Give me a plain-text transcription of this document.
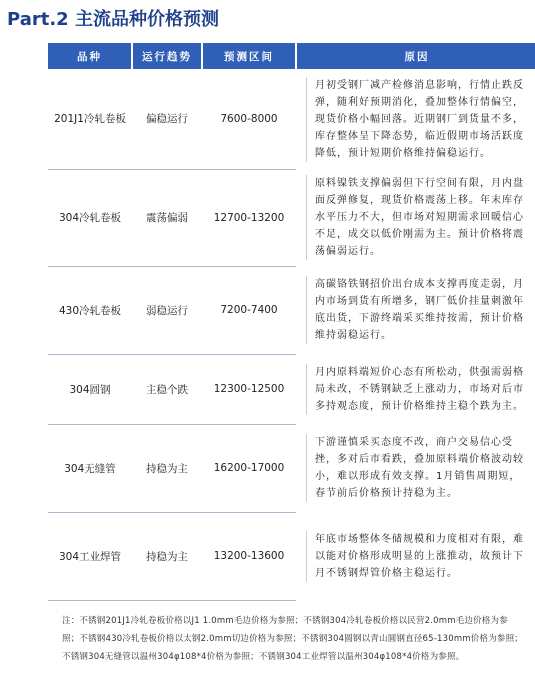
Part.2 主流品种价格预测
品种	运行趋势	预测区间	原因
201J1冷轧卷板	偏稳运行	7600-8000	月初受钢厂减产检修消息影响，行情止跌反弹，随利好预期消化，叠加整体行情偏空，现货价格小幅回落。近期钢厂到货量不多，库存整体呈下降态势，临近假期市场活跃度降低，预计短期价格维持偏稳运行。

304冷轧卷板	震荡偏弱	12700-13200	原料镍铁支撑偏弱但下行空间有限，月内盘面反弹修复，现货价格震荡上移。年末库存水平压力不大，但市场对短期需求回暖信心不足，成交以低价刚需为主。预计价格将震荡偏弱运行。

430冷轧卷板	弱稳运行	7200-7400	高碳铬铁钢招价出台成本支撑再度走弱，月内市场到货有所增多，钢厂低价挂量刺激年底出货，下游终端采买维持按需，预计价格维持弱稳运行。

304圆钢	主稳个跌	12300-12500	月内原料端短价心态有所松动，供强需弱格局未改，不锈钢缺乏上涨动力，市场对后市多持观态度，预计价格维持主稳个跌为主。

304无缝管	持稳为主	16200-17000	下游谨慎采买态度不改，商户交易信心受挫，多对后市看跌，叠加原料端价格波动较小，难以形成有效支撑。1月销售周期短，春节前后价格预计持稳为主。

304工业焊管	持稳为主	13200-13600	年底市场整体冬储规模和力度相对有限，难以能对价格形成明显的上涨推动，故预计下月不锈钢焊管价格主稳运行。
注：不锈钢201J1冷轧卷板价格以J1 1.0mm毛边价格为参照；不锈钢304冷轧卷板价格以民营2.0mm毛边价格为参照；不锈钢430冷轧卷板价格以太钢2.0mm切边价格为参照；不锈钢304圆钢以青山圆钢直径65-130mm价格为参照；不锈钢304无缝管以温州304φ108*4价格为参照；不锈钢304工业焊管以温州304φ108*4价格为参照。
